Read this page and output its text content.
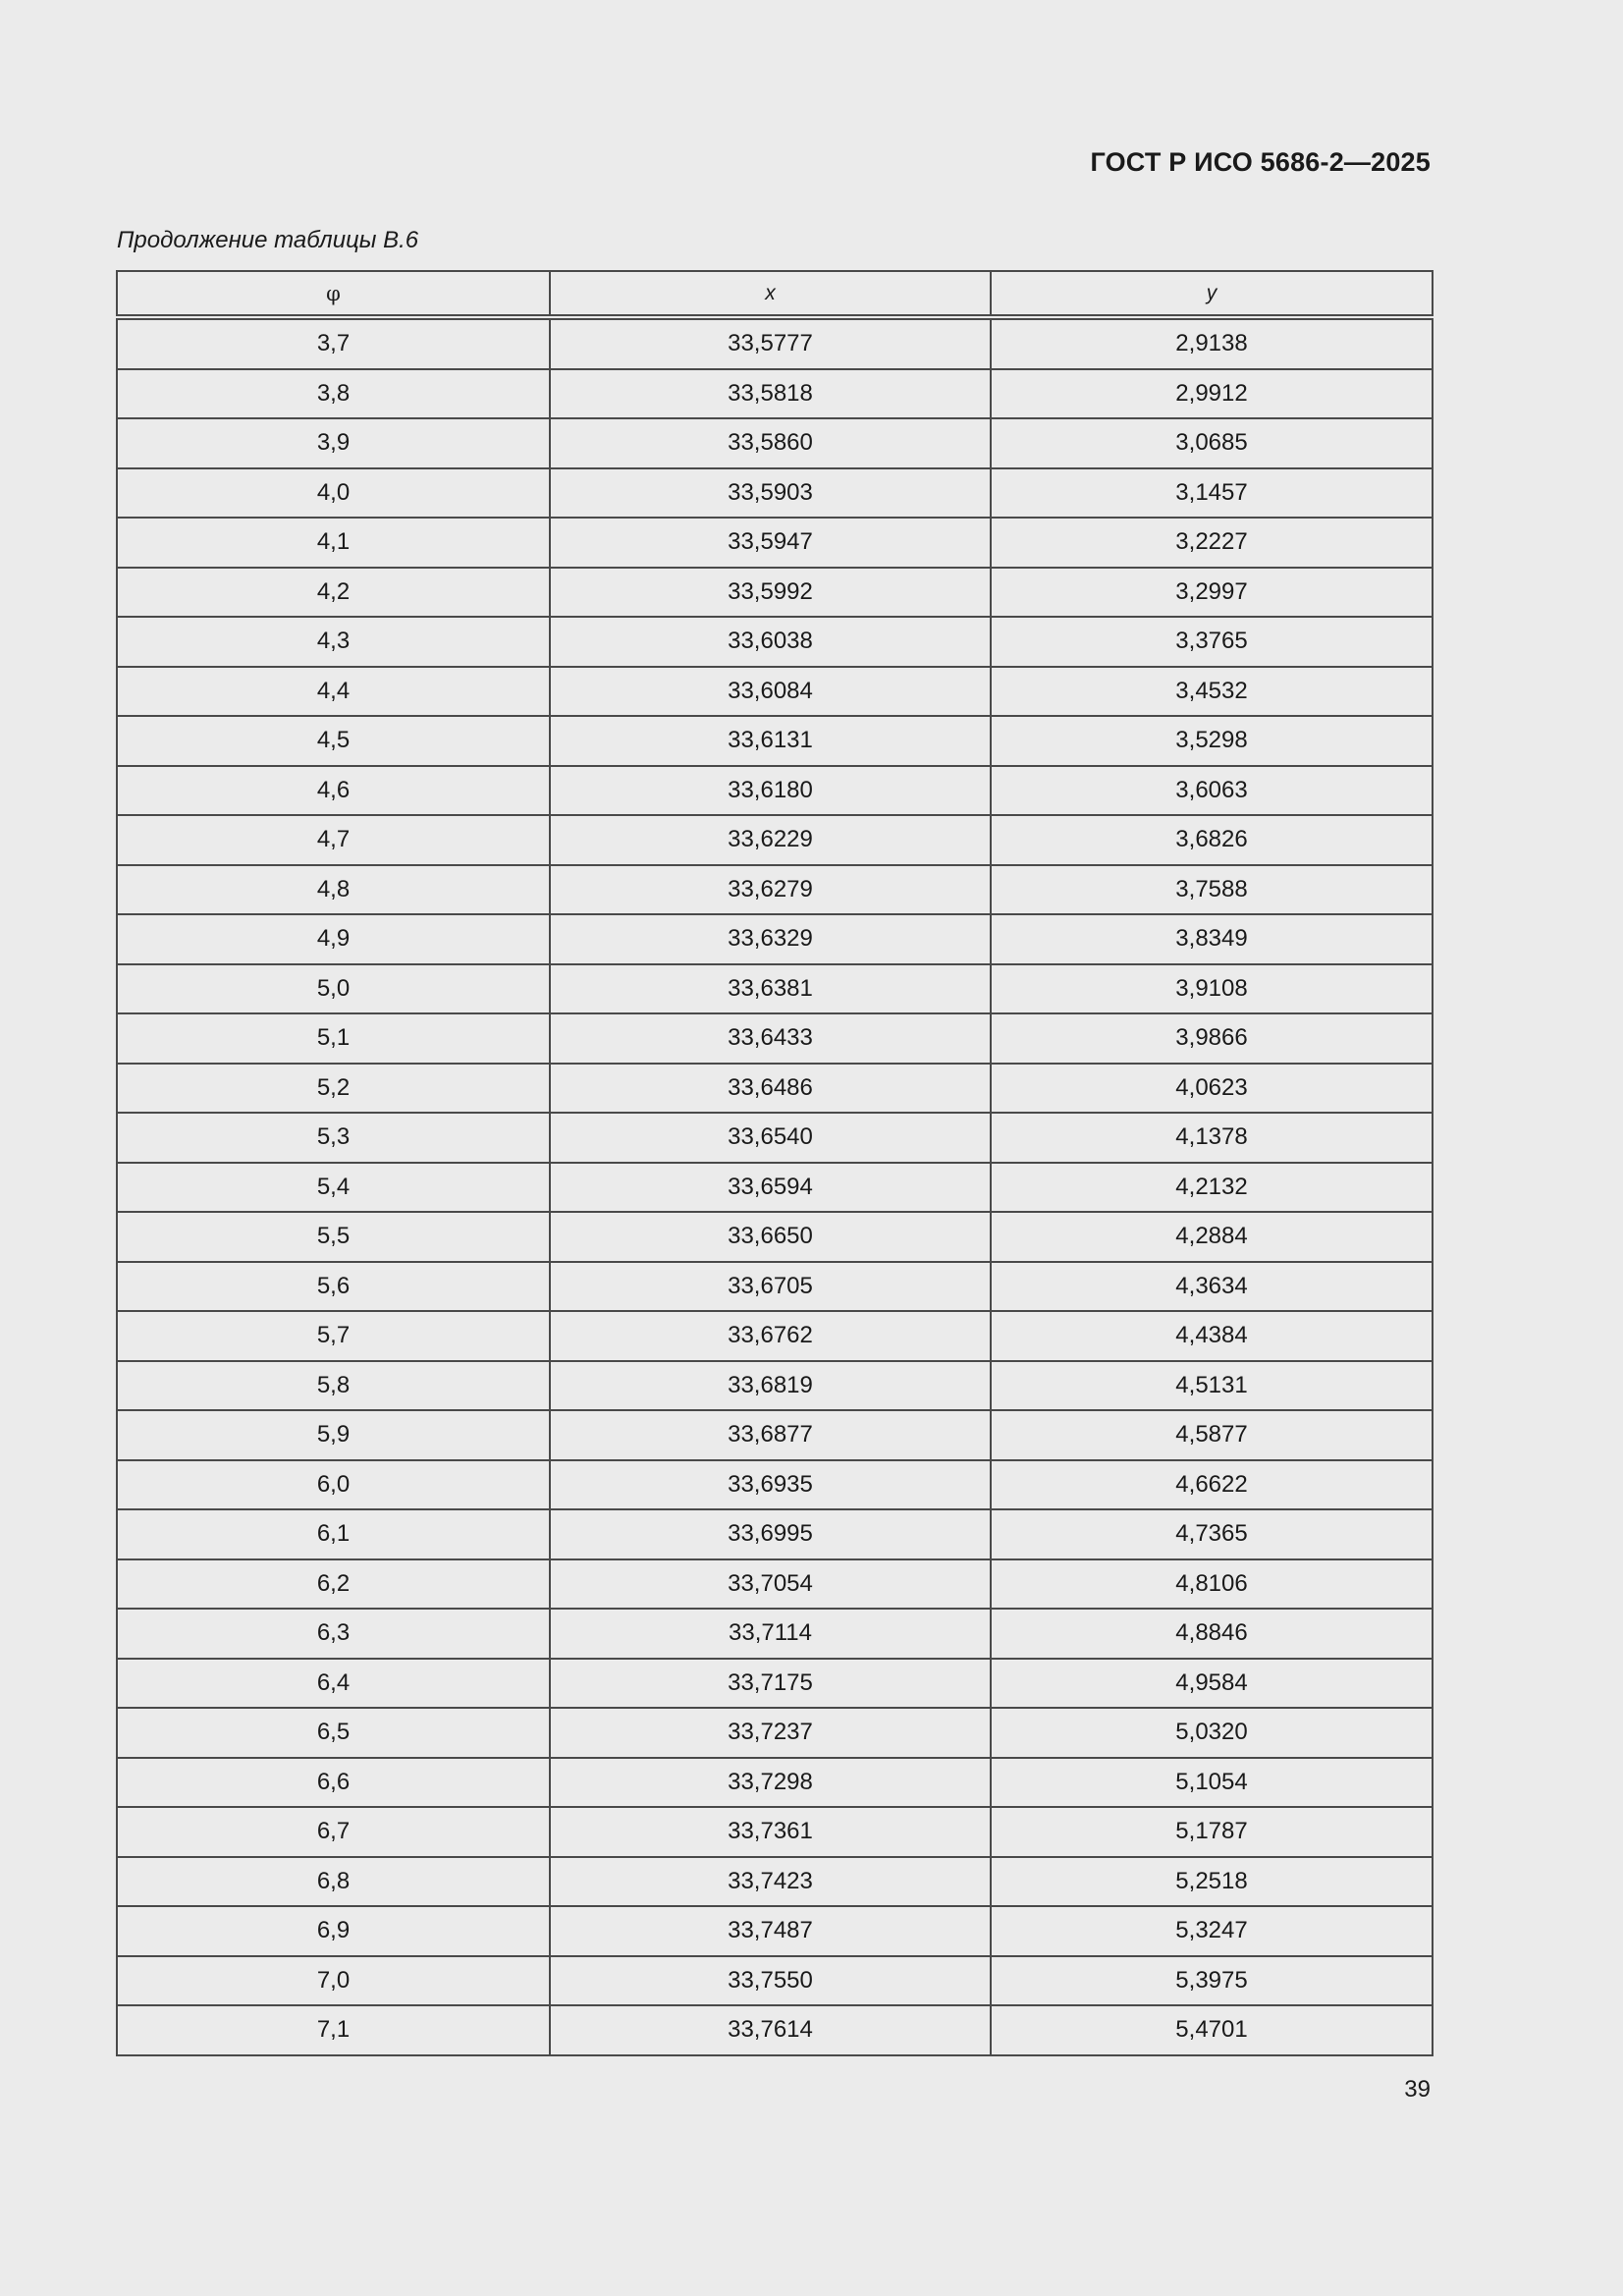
ГОСТ Р ИСО 5686-2—2025
Продолжение таблицы В.6
φ	x	y
3,7	33,5777	2,9138
3,8	33,5818	2,9912
3,9	33,5860	3,0685
4,0	33,5903	3,1457
4,1	33,5947	3,2227
4,2	33,5992	3,2997
4,3	33,6038	3,3765
4,4	33,6084	3,4532
4,5	33,6131	3,5298
4,6	33,6180	3,6063
4,7	33,6229	3,6826
4,8	33,6279	3,7588
4,9	33,6329	3,8349
5,0	33,6381	3,9108
5,1	33,6433	3,9866
5,2	33,6486	4,0623
5,3	33,6540	4,1378
5,4	33,6594	4,2132
5,5	33,6650	4,2884
5,6	33,6705	4,3634
5,7	33,6762	4,4384
5,8	33,6819	4,5131
5,9	33,6877	4,5877
6,0	33,6935	4,6622
6,1	33,6995	4,7365
6,2	33,7054	4,8106
6,3	33,7114	4,8846
6,4	33,7175	4,9584
6,5	33,7237	5,0320
6,6	33,7298	5,1054
6,7	33,7361	5,1787
6,8	33,7423	5,2518
6,9	33,7487	5,3247
7,0	33,7550	5,3975
7,1	33,7614	5,4701
39
